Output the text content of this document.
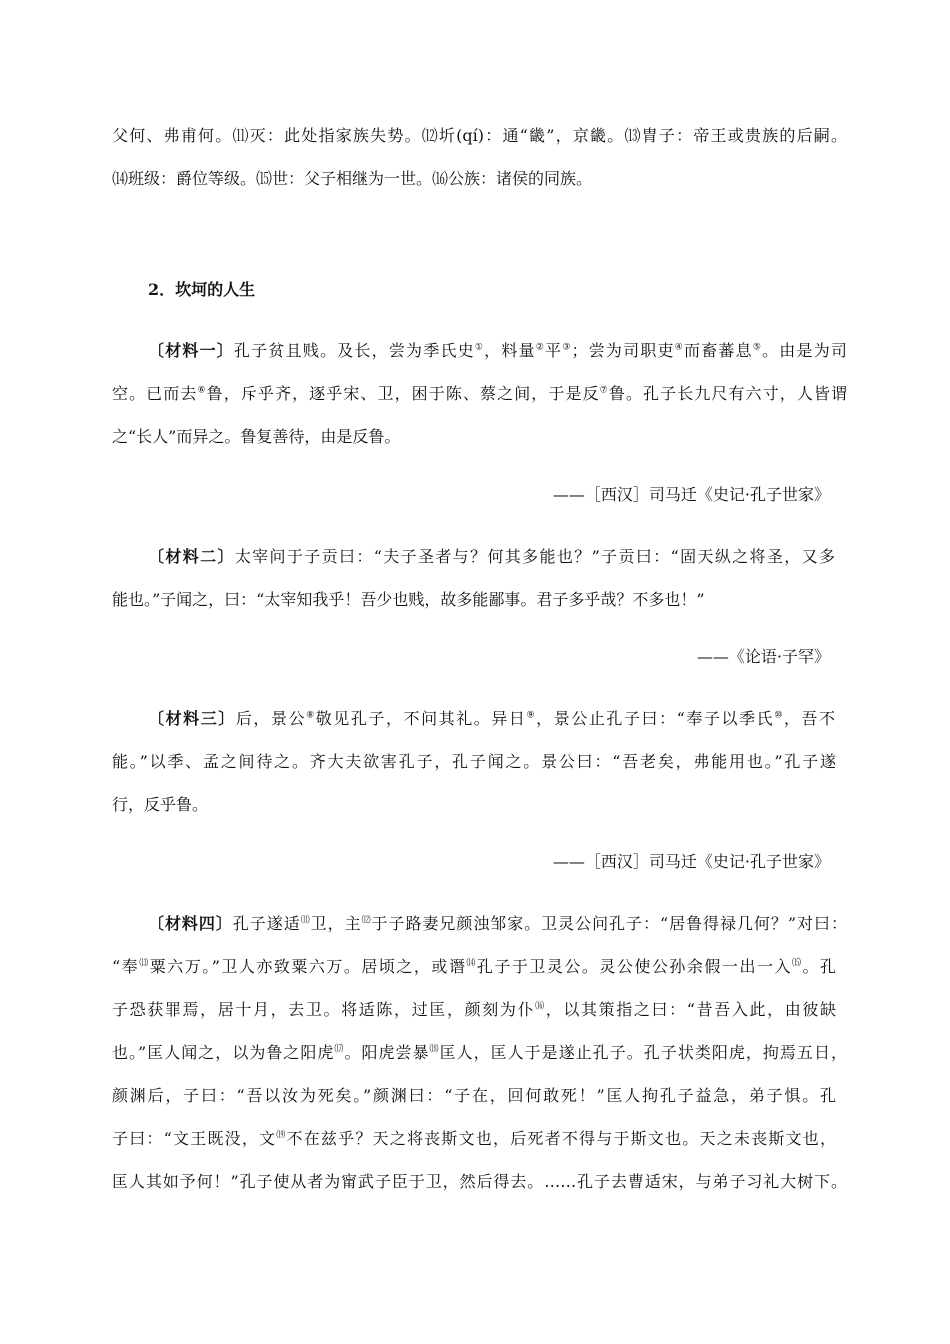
父何、弗甫何。⑾灭：此处指家族失势。⑿圻(qí)：通“畿”，京畿。⒀胄子：帝王或贵族的后嗣。
⒁班级：爵位等级。⒂世：父子相继为一世。⒃公族：诸侯的同族。
2．坎坷的人生
〔材料一〕孔子贫且贱。及长，尝为季氏史①，料量②平③；尝为司职吏④而畜蕃息⑤。由是为司
空。已而去⑥鲁，斥乎齐，逐乎宋、卫，困于陈、蔡之间，于是反⑦鲁。孔子长九尺有六寸，人皆谓
之“长人”而异之。鲁复善待，由是反鲁。
——［西汉］司马迁《史记·孔子世家》
〔材料二〕太宰问于子贡曰：“夫子圣者与？何其多能也？”子贡曰：“固天纵之将圣，又多
能也。”子闻之，曰：“太宰知我乎！吾少也贱，故多能鄙事。君子多乎哉？不多也！”
——《论语·子罕》
〔材料三〕后，景公⑧敬见孔子，不问其礼。异日⑨，景公止孔子曰：“奉子以季氏⑩，吾不
能。”以季、孟之间待之。齐大夫欲害孔子，孔子闻之。景公曰：“吾老矣，弗能用也。”孔子遂
行，反乎鲁。
——［西汉］司马迁《史记·孔子世家》
〔材料四〕孔子遂适⑾卫，主⑿于子路妻兄颜浊邹家。卫灵公问孔子：“居鲁得禄几何？”对曰：
“奉⒀粟六万。”卫人亦致粟六万。居顷之，或谮⒁孔子于卫灵公。灵公使公孙余假一出一入⒂。孔
子恐获罪焉，居十月，去卫。将适陈，过匡，颜刻为仆⒃，以其策指之曰：“昔吾入此，由彼缺
也。”匡人闻之，以为鲁之阳虎⒄。阳虎尝暴⒅匡人，匡人于是遂止孔子。孔子状类阳虎，拘焉五日，
颜渊后，子曰：“吾以汝为死矣。”颜渊曰：“子在，回何敢死！”匡人拘孔子益急，弟子惧。孔
子曰：“文王既没，文⒆不在兹乎？天之将丧斯文也，后死者不得与于斯文也。天之未丧斯文也，
匡人其如予何！”孔子使从者为甯武子臣于卫，然后得去。……孔子去曹适宋，与弟子习礼大树下。
